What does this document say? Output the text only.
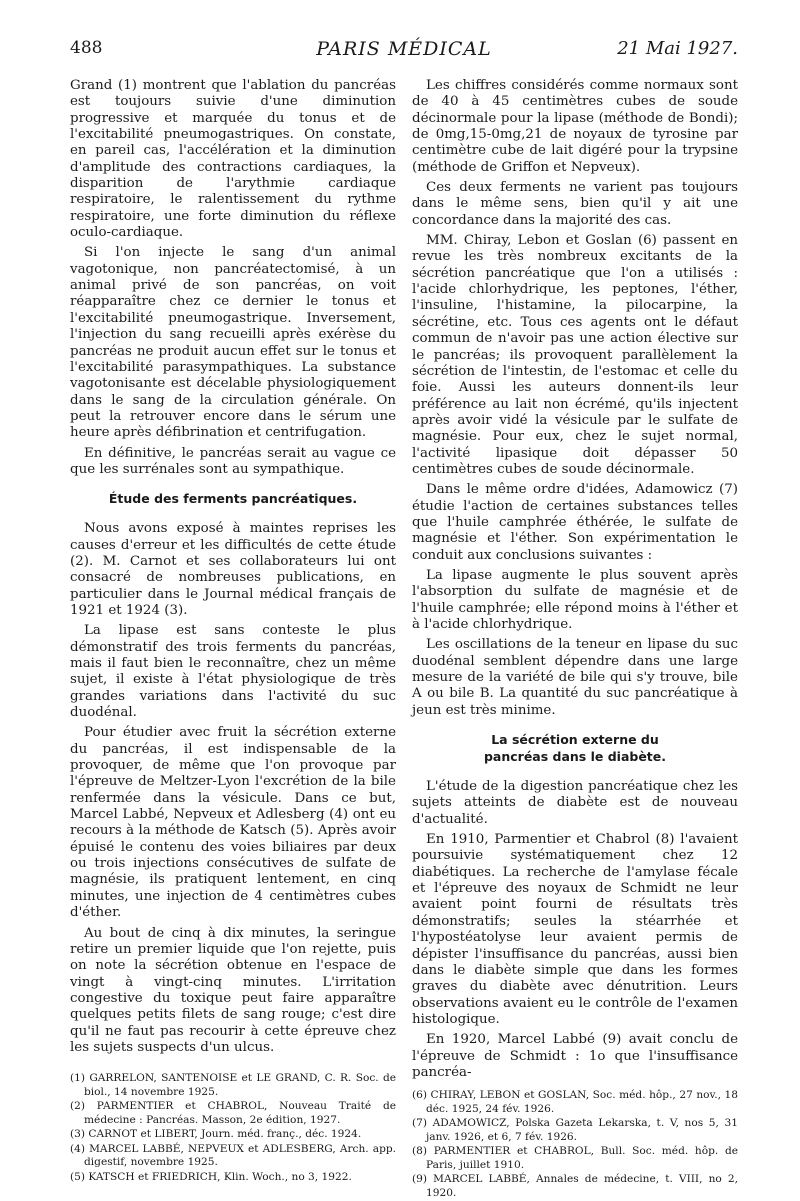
488	PARIS MÉDICAL	21 Mai 1927.

Grand (1) montrent que l'ablation du pancréas est toujours suivie d'une diminution progressive et marquée du tonus et de l'excitabilité pneumogastriques. On constate, en pareil cas, l'accélération et la diminution d'amplitude des contractions cardiaques, la disparition de l'arythmie cardiaque respiratoire, le ralentissement du rythme respiratoire, une forte diminution du réflexe oculo-cardiaque.

Si l'on injecte le sang d'un animal vagotonique, non pancréatectomisé, à un animal privé de son pancréas, on voit réapparaître chez ce dernier le tonus et l'excitabilité pneumogastrique. Inversement, l'injection du sang recueilli après exérèse du pancréas ne produit aucun effet sur le tonus et l'excitabilité parasympathiques. La substance vagotonisante est décelable physiologiquement dans le sang de la circulation générale. On peut la retrouver encore dans le sérum une heure après défibrination et centrifugation.

En définitive, le pancréas serait au vague ce que les surrénales sont au sympathique.

Étude des ferments pancréatiques.

Nous avons exposé à maintes reprises les causes d'erreur et les difficultés de cette étude (2). M. Carnot et ses collaborateurs lui ont consacré de nombreuses publications, en particulier dans le Journal médical français de 1921 et 1924 (3).

La lipase est sans conteste le plus démonstratif des trois ferments du pancréas, mais il faut bien le reconnaître, chez un même sujet, il existe à l'état physiologique de très grandes variations dans l'activité du suc duodénal.

Pour étudier avec fruit la sécrétion externe du pancréas, il est indispensable de la provoquer, de même que l'on provoque par l'épreuve de Meltzer-Lyon l'excrétion de la bile renfermée dans la vésicule. Dans ce but, Marcel Labbé, Nepveux et Adlesberg (4) ont eu recours à la méthode de Katsch (5). Après avoir épuisé le contenu des voies biliaires par deux ou trois injections consécutives de sulfate de magnésie, ils pratiquent lentement, en cinq minutes, une injection de 4 centimètres cubes d'éther.

Au bout de cinq à dix minutes, la seringue retire un premier liquide que l'on rejette, puis on note la sécrétion obtenue en l'espace de vingt à vingt-cinq minutes. L'irritation congestive du toxique peut faire apparaître quelques petits filets de sang rouge; c'est dire qu'il ne faut pas recourir à cette épreuve chez les sujets suspects d'un ulcus.

(1) GARRELON, SANTENOISE et LE GRAND, C. R. Soc. de biol., 14 novembre 1925.
(2) PARMENTIER et CHABROL, Nouveau Traité de médecine : Pancréas. Masson, 2e édition, 1927.
(3) CARNOT et LIBERT, Journ. méd. franç., déc. 1924.
(4) MARCEL LABBÉ, NEPVEUX et ADLESBERG, Arch. app. digestif, novembre 1925.
(5) KATSCH et FRIEDRICH, Klin. Woch., no 3, 1922.

Les chiffres considérés comme normaux sont de 40 à 45 centimètres cubes de soude décinormale pour la lipase (méthode de Bondi); de 0mg,15-0mg,21 de noyaux de tyrosine par centimètre cube de lait digéré pour la trypsine (méthode de Griffon et Nepveux).

Ces deux ferments ne varient pas toujours dans le même sens, bien qu'il y ait une concordance dans la majorité des cas.

MM. Chiray, Lebon et Goslan (6) passent en revue les très nombreux excitants de la sécrétion pancréatique que l'on a utilisés : l'acide chlorhydrique, les peptones, l'éther, l'insuline, l'histamine, la pilocarpine, la sécrétine, etc. Tous ces agents ont le défaut commun de n'avoir pas une action élective sur le pancréas; ils provoquent parallèlement la sécrétion de l'intestin, de l'estomac et celle du foie. Aussi les auteurs donnent-ils leur préférence au lait non écrémé, qu'ils injectent après avoir vidé la vésicule par le sulfate de magnésie. Pour eux, chez le sujet normal, l'activité lipasique doit dépasser 50 centimètres cubes de soude décinormale.

Dans le même ordre d'idées, Adamowicz (7) étudie l'action de certaines substances telles que l'huile camphrée éthérée, le sulfate de magnésie et l'éther. Son expérimentation le conduit aux conclusions suivantes :

La lipase augmente le plus souvent après l'absorption du sulfate de magnésie et de l'huile camphrée; elle répond moins à l'éther et à l'acide chlorhydrique.

Les oscillations de la teneur en lipase du suc duodénal semblent dépendre dans une large mesure de la variété de bile qui s'y trouve, bile A ou bile B. La quantité du suc pancréatique à jeun est très minime.

La sécrétion externe du pancréas dans le diabète.

L'étude de la digestion pancréatique chez les sujets atteints de diabète est de nouveau d'actualité.

En 1910, Parmentier et Chabrol (8) l'avaient poursuivie systématiquement chez 12 diabétiques. La recherche de l'amylase fécale et l'épreuve des noyaux de Schmidt ne leur avaient point fourni de résultats très démonstratifs; seules la stéarrhée et l'hypostéatolyse leur avaient permis de dépister l'insuffisance du pancréas, aussi bien dans le diabète simple que dans les formes graves du diabète avec dénutrition. Leurs observations avaient eu le contrôle de l'examen histologique.

En 1920, Marcel Labbé (9) avait conclu de l'épreuve de Schmidt : 1o que l'insuffisance pancréa-

(6) CHIRAY, LEBON et GOSLAN, Soc. méd. hôp., 27 nov., 18 déc. 1925, 24 fév. 1926.
(7) ADAMOWICZ, Polska Gazeta Lekarska, t. V, nos 5, 31 janv. 1926, et 6, 7 fév. 1926.
(8) PARMENTIER et CHABROL, Bull. Soc. méd. hôp. de Paris, juillet 1910.
(9) MARCEL LABBÉ, Annales de médecine, t. VIII, no 2, 1920.
